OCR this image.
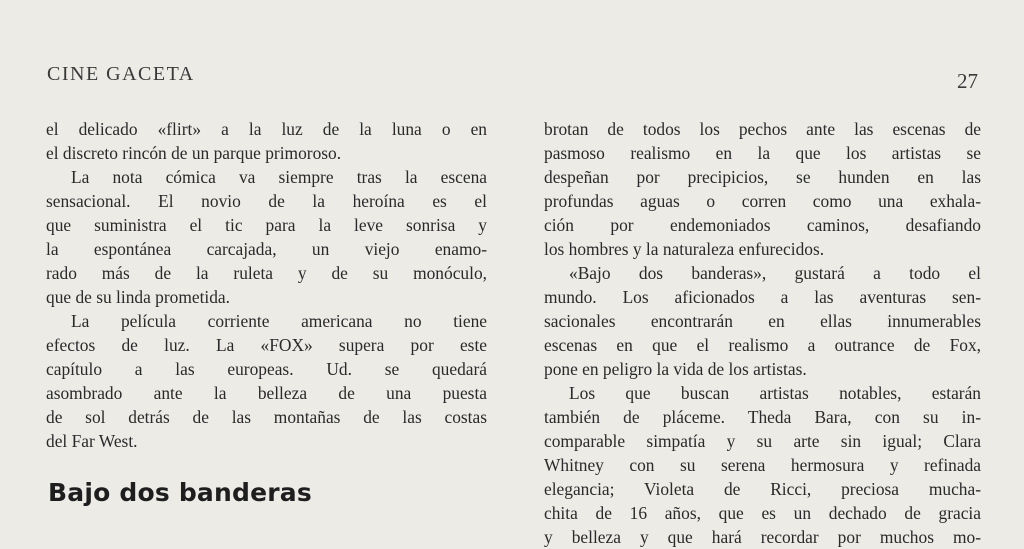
CINE GACETA	27
el delicado «flirt» a la luz de la luna o en
el discreto rincón de un parque primoroso.
La nota cómica va siempre tras la escena
sensacional. El novio de la heroína es el
que suministra el tic para la leve sonrisa y
la espontánea carcajada, un viejo enamo-
rado más de la ruleta y de su monóculo,
que de su linda prometida.
La película corriente americana no tiene
efectos de luz. La «FOX» supera por este
capítulo a las europeas. Ud. se quedará
asombrado ante la belleza de una puesta
de sol detrás de las montañas de las costas
del Far West.
Bajo dos banderas
brotan de todos los pechos ante las escenas de
pasmoso realismo en la que los artistas se
despeñan por precipicios, se hunden en las
profundas aguas o corren como una exhala-
ción por endemoniados caminos, desafiando
los hombres y la naturaleza enfurecidos.
«Bajo dos banderas», gustará a todo el
mundo. Los aficionados a las aventuras sen-
sacionales encontrarán en ellas innumerables
escenas en que el realismo a outrance de Fox,
pone en peligro la vida de los artistas.
Los que buscan artistas notables, estarán
también de pláceme. Theda Bara, con su in-
comparable simpatía y su arte sin igual; Clara
Whitney con su serena hermosura y refinada
elegancia; Violeta de Ricci, preciosa mucha-
chita de 16 años, que es un dechado de gracia
y belleza y que hará recordar por muchos mo-
